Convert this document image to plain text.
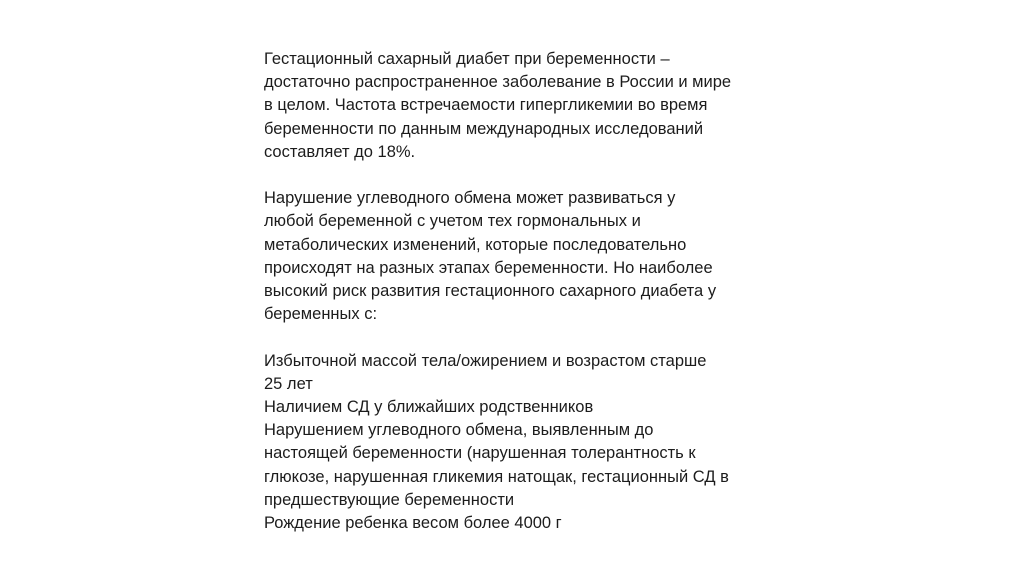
Гестационный сахарный диабет при беременности –
достаточно распространенное заболевание в России и мире
в целом. Частота встречаемости гипергликемии во время
беременности по данным международных исследований
составляет до 18%.

Нарушение углеводного обмена может развиваться у
любой беременной с учетом тех гормональных и
метаболических изменений, которые последовательно
происходят на разных этапах беременности. Но наиболее
высокий риск развития гестационного сахарного диабета у
беременных с:

Избыточной массой тела/ожирением и возрастом старше
25 лет
Наличием СД у ближайших родственников
Нарушением углеводного обмена, выявленным до
настоящей беременности (нарушенная толерантность к
глюкозе, нарушенная гликемия натощак, гестационный СД в
предшествующие беременности
Рождение ребенка весом более 4000 г
